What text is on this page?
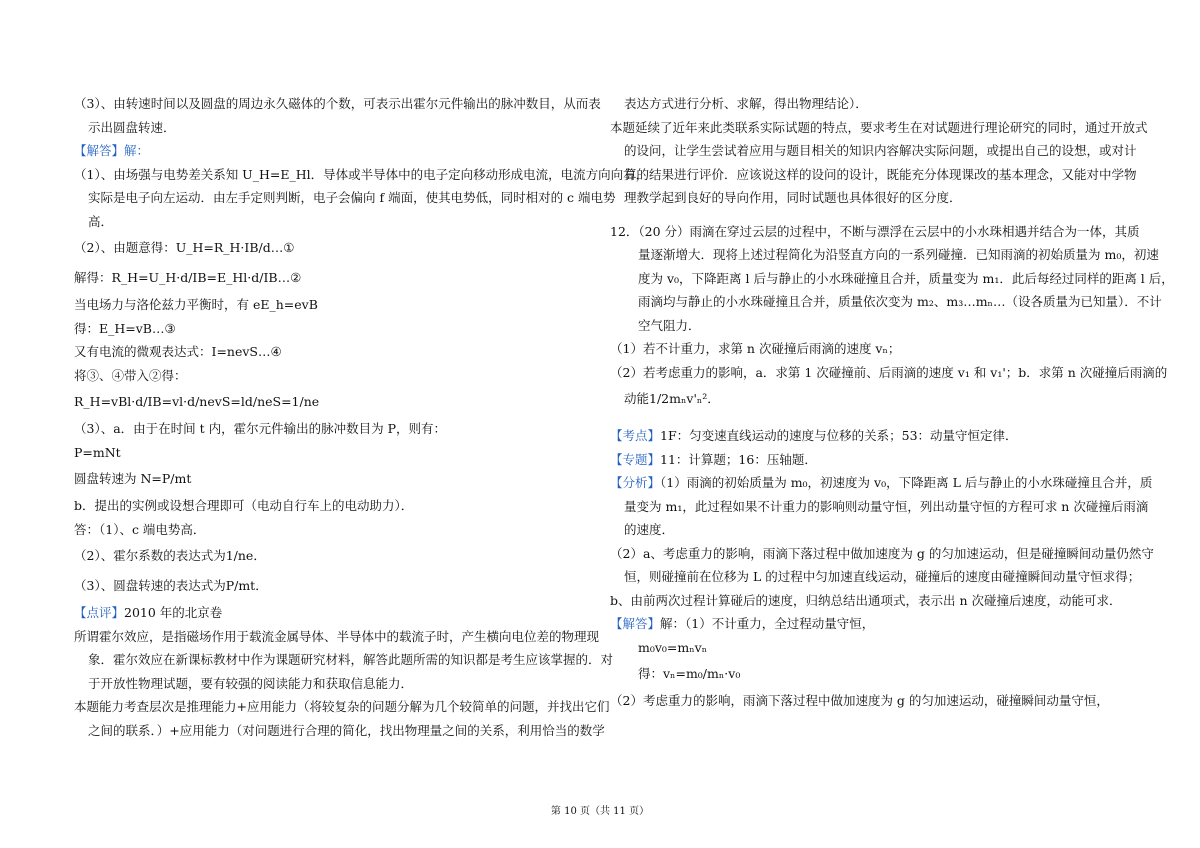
（3）、由转速时间以及圆盘的周边永久磁体的个数，可表示出霍尔元件输出的脉冲数目，从而表
示出圆盘转速．
【解答】解：
（1）、由场强与电势差关系知 U_H=E_Hl．导体或半导体中的电子定向移动形成电流，电流方向向右，
实际是电子向左运动．由左手定则判断，电子会偏向 f 端面，使其电势低，同时相对的 c 端电势
高．
（2）、由题意得：U_H=R_H·IB/d…①
解得：R_H=U_H·d/IB=E_Hl·d/IB…②
当电场力与洛伦兹力平衡时，有 eE_h=evB
得：E_H=vB…③
又有电流的微观表达式：I=nevS…④
将③、④带入②得：
R_H=vBl·d/IB=vl·d/nevS=ld/neS=1/ne
（3）、a．由于在时间 t 内，霍尔元件输出的脉冲数目为 P，则有：
P=mNt
圆盘转速为 N=P/mt
b．提出的实例或设想合理即可（电动自行车上的电动助力）．
答：（1）、c 端电势高．
（2）、霍尔系数的表达式为1/ne．
（3）、圆盘转速的表达式为P/mt．
【点评】2010 年的北京卷
所谓霍尔效应，是指磁场作用于载流金属导体、半导体中的载流子时，产生横向电位差的物理现
象．霍尔效应在新课标教材中作为课题研究材料，解答此题所需的知识都是考生应该掌握的．对
于开放性物理试题，要有较强的阅读能力和获取信息能力．
本题能力考查层次是推理能力+应用能力（将较复杂的问题分解为几个较简单的问题，并找出它们
之间的联系．）+应用能力（对问题进行合理的简化，找出物理量之间的关系，利用恰当的数学
表达方式进行分析、求解，得出物理结论）．
本题延续了近年来此类联系实际试题的特点，要求考生在对试题进行理论研究的同时，通过开放式
的设问，让学生尝试着应用与题目相关的知识内容解决实际问题，或提出自己的设想，或对计
算的结果进行评价．应该说这样的设问的设计，既能充分体现课改的基本理念，又能对中学物
理教学起到良好的导向作用，同时试题也具体很好的区分度．
12．（20 分）雨滴在穿过云层的过程中，不断与漂浮在云层中的小水珠相遇并结合为一体，其质
量逐渐增大．现将上述过程简化为沿竖直方向的一系列碰撞．已知雨滴的初始质量为 m₀，初速
度为 v₀，下降距离 l 后与静止的小水珠碰撞且合并，质量变为 m₁．此后每经过同样的距离 l 后，
雨滴均与静止的小水珠碰撞且合并，质量依次变为 m₂、m₃…mₙ…（设各质量为已知量）．不计
空气阻力．
（1）若不计重力，求第 n 次碰撞后雨滴的速度 vₙ；
（2）若考虑重力的影响，a．求第 1 次碰撞前、后雨滴的速度 v₁ 和 v₁'；b．求第 n 次碰撞后雨滴的
动能1/2mₙv'ₙ²．
【考点】1F：匀变速直线运动的速度与位移的关系；53：动量守恒定律．
【专题】11：计算题；16：压轴题．
【分析】（1）雨滴的初始质量为 m₀，初速度为 v₀，下降距离 L 后与静止的小水珠碰撞且合并，质
量变为 m₁，此过程如果不计重力的影响则动量守恒，列出动量守恒的方程可求 n 次碰撞后雨滴
的速度．
（2）a、考虑重力的影响，雨滴下落过程中做加速度为 g 的匀加速运动，但是碰撞瞬间动量仍然守
恒，则碰撞前在位移为 L 的过程中匀加速直线运动，碰撞后的速度由碰撞瞬间动量守恒求得；
b、由前两次过程计算碰后的速度，归纳总结出通项式，表示出 n 次碰撞后速度，动能可求．
【解答】解：（1）不计重力，全过程动量守恒，
m₀v₀=mₙvₙ
得：vₙ=m₀/mₙ·v₀
（2）考虑重力的影响，雨滴下落过程中做加速度为 g 的匀加速运动，碰撞瞬间动量守恒，
第 10 页（共 11 页）
